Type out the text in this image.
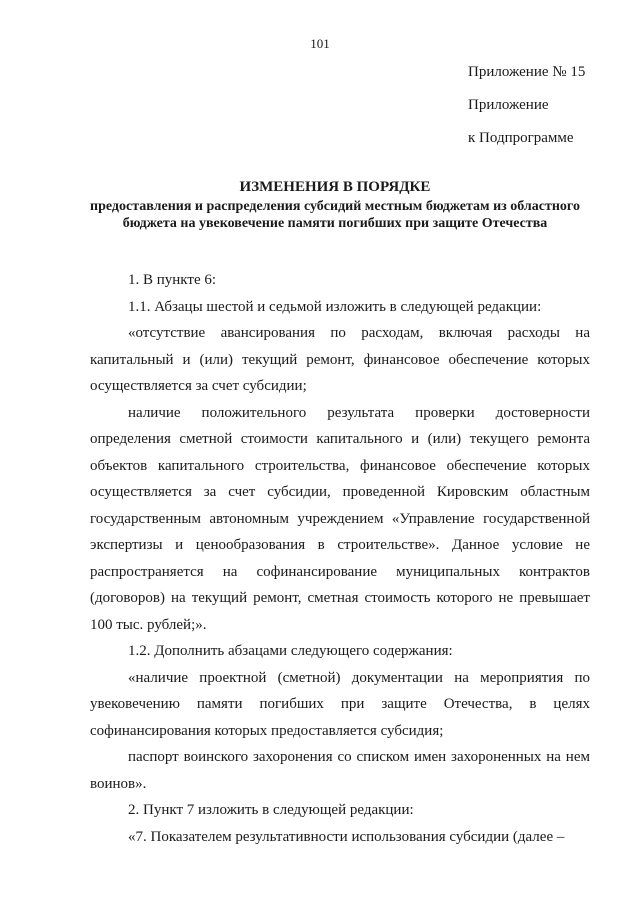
101
Приложение № 15
Приложение
к Подпрограмме
ИЗМЕНЕНИЯ В ПОРЯДКЕ
предоставления и распределения субсидий местным бюджетам из областного бюджета на увековечение памяти погибших при защите Отечества

1. В пункте 6:

1.1. Абзацы шестой и седьмой изложить в следующей редакции:

«отсутствие авансирования по расходам, включая расходы на капитальный и (или) текущий ремонт, финансовое обеспечение которых осуществляется за счет субсидии;

наличие положительного результата проверки достоверности определения сметной стоимости капитального и (или) текущего ремонта объектов капитального строительства, финансовое обеспечение которых осуществляется за счет субсидии, проведенной Кировским областным государственным автономным учреждением «Управление государственной экспертизы и ценообразования в строительстве». Данное условие не распространяется на софинансирование муниципальных контрактов (договоров) на текущий ремонт, сметная стоимость которого не превышает 100 тыс. рублей;».

1.2. Дополнить абзацами следующего содержания:

«наличие проектной (сметной) документации на мероприятия по увековечению памяти погибших при защите Отечества, в целях софинансирования которых предоставляется субсидия;

паспорт воинского захоронения со списком имен захороненных на нем воинов».

2. Пункт 7 изложить в следующей редакции:

«7. Показателем результативности использования субсидии (далее –
